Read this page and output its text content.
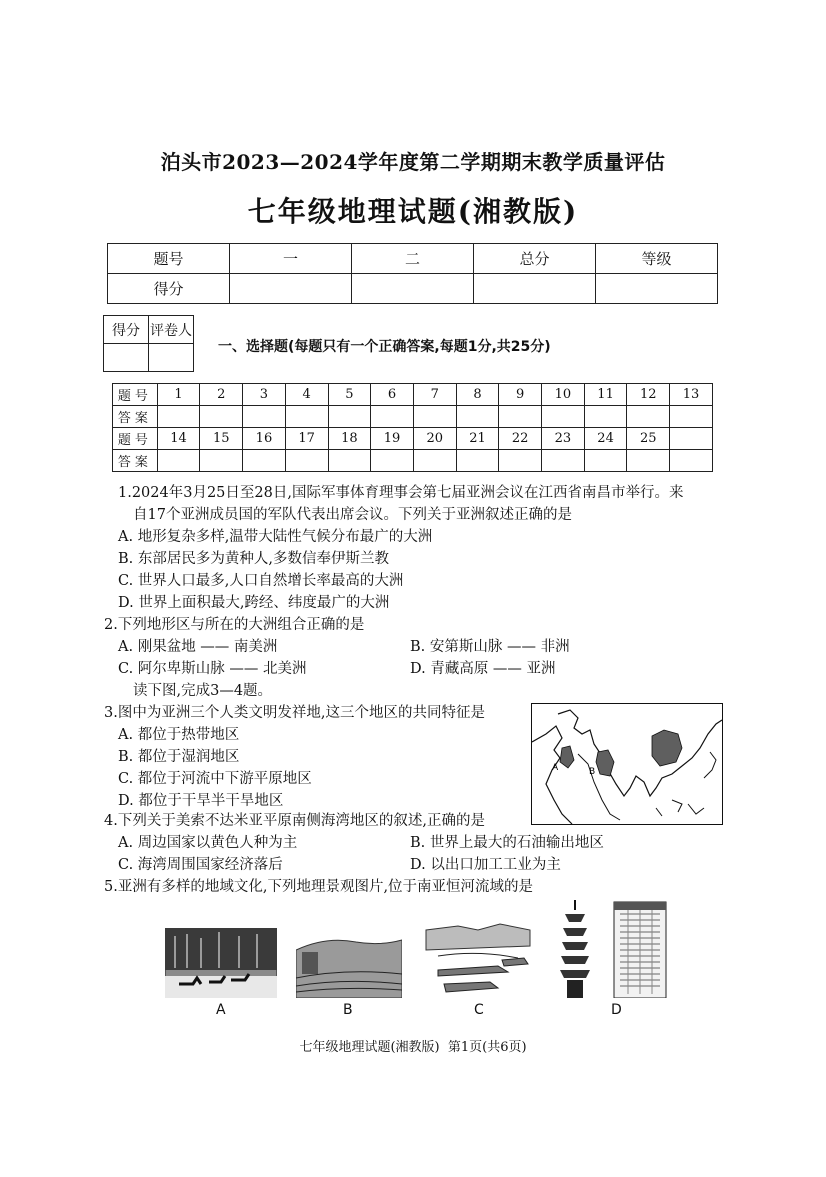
泊头市2023—2024学年度第二学期期末教学质量评估
七年级地理试题(湘教版)
题号	一	二	总分	等级
得分				
得分	评卷人

一、选择题(每题只有一个正确答案,每题1分,共25分)
题号	1	2	3	4	5	6	7	8	9	10	11	12	13
答案													
题号	14	15	16	17	18	19	20	21	22	23	24	25	
答案													
1.2024年3月25日至28日,国际军事体育理事会第七届亚洲会议在江西省南昌市举行。来
自17个亚洲成员国的军队代表出席会议。下列关于亚洲叙述正确的是
A. 地形复杂多样,温带大陆性气候分布最广的大洲
B. 东部居民多为黄种人,多数信奉伊斯兰教
C. 世界人口最多,人口自然增长率最高的大洲
D. 世界上面积最大,跨经、纬度最广的大洲
2.下列地形区与所在的大洲组合正确的是
A. 刚果盆地 —— 南美洲	B. 安第斯山脉 —— 非洲
C. 阿尔卑斯山脉 —— 北美洲	D. 青藏高原 —— 亚洲
读下图,完成3—4题。
3.图中为亚洲三个人类文明发祥地,这三个地区的共同特征是
A. 都位于热带地区
B. 都位于湿润地区
C. 都位于河流中下游平原地区
D. 都位于干旱半干旱地区
A	B
4.下列关于美索不达米亚平原南侧海湾地区的叙述,正确的是
A. 周边国家以黄色人种为主	B. 世界上最大的石油输出地区
C. 海湾周围国家经济落后	D. 以出口加工工业为主
5.亚洲有多样的地域文化,下列地理景观图片,位于南亚恒河流域的是
A	B	C	D
七年级地理试题(湘教版)  第1页(共6页)
